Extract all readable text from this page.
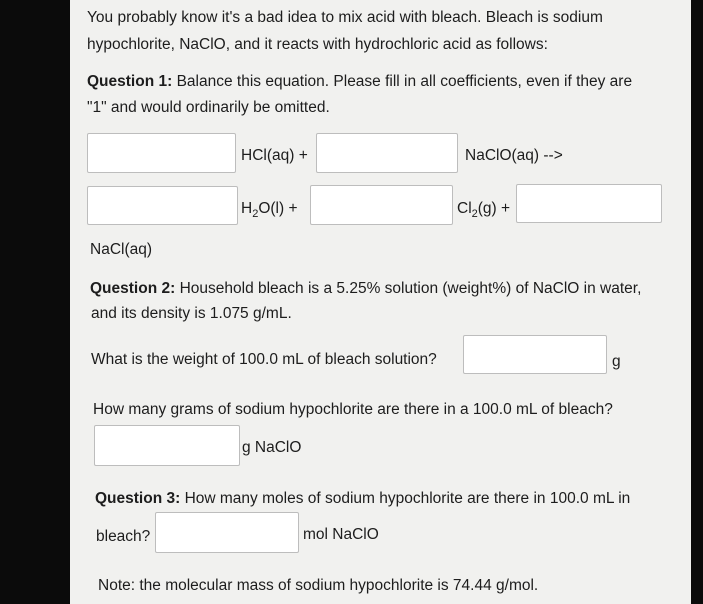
You probably know it's a bad idea to mix acid with bleach. Bleach is sodium
hypochlorite, NaClO, and it reacts with hydrochloric acid as follows:
Question 1: Balance this equation. Please fill in all coefficients, even if they are
"1" and would ordinarily be omitted.
HCl(aq) +	NaClO(aq) -->
$H_2O(l)$ +	$Cl_2(g)$ +
NaCl(aq)
Question 2: Household bleach is a 5.25% solution (weight%) of NaClO in water,
and its density is 1.075 g/mL.
What is the weight of 100.0 mL of bleach solution?	g
How many grams of sodium hypochlorite are there in a 100.0 mL of bleach?
g NaClO
Question 3: How many moles of sodium hypochlorite are there in 100.0 mL in
bleach?	mol NaClO
Note: the molecular mass of sodium hypochlorite is 74.44 g/mol.
